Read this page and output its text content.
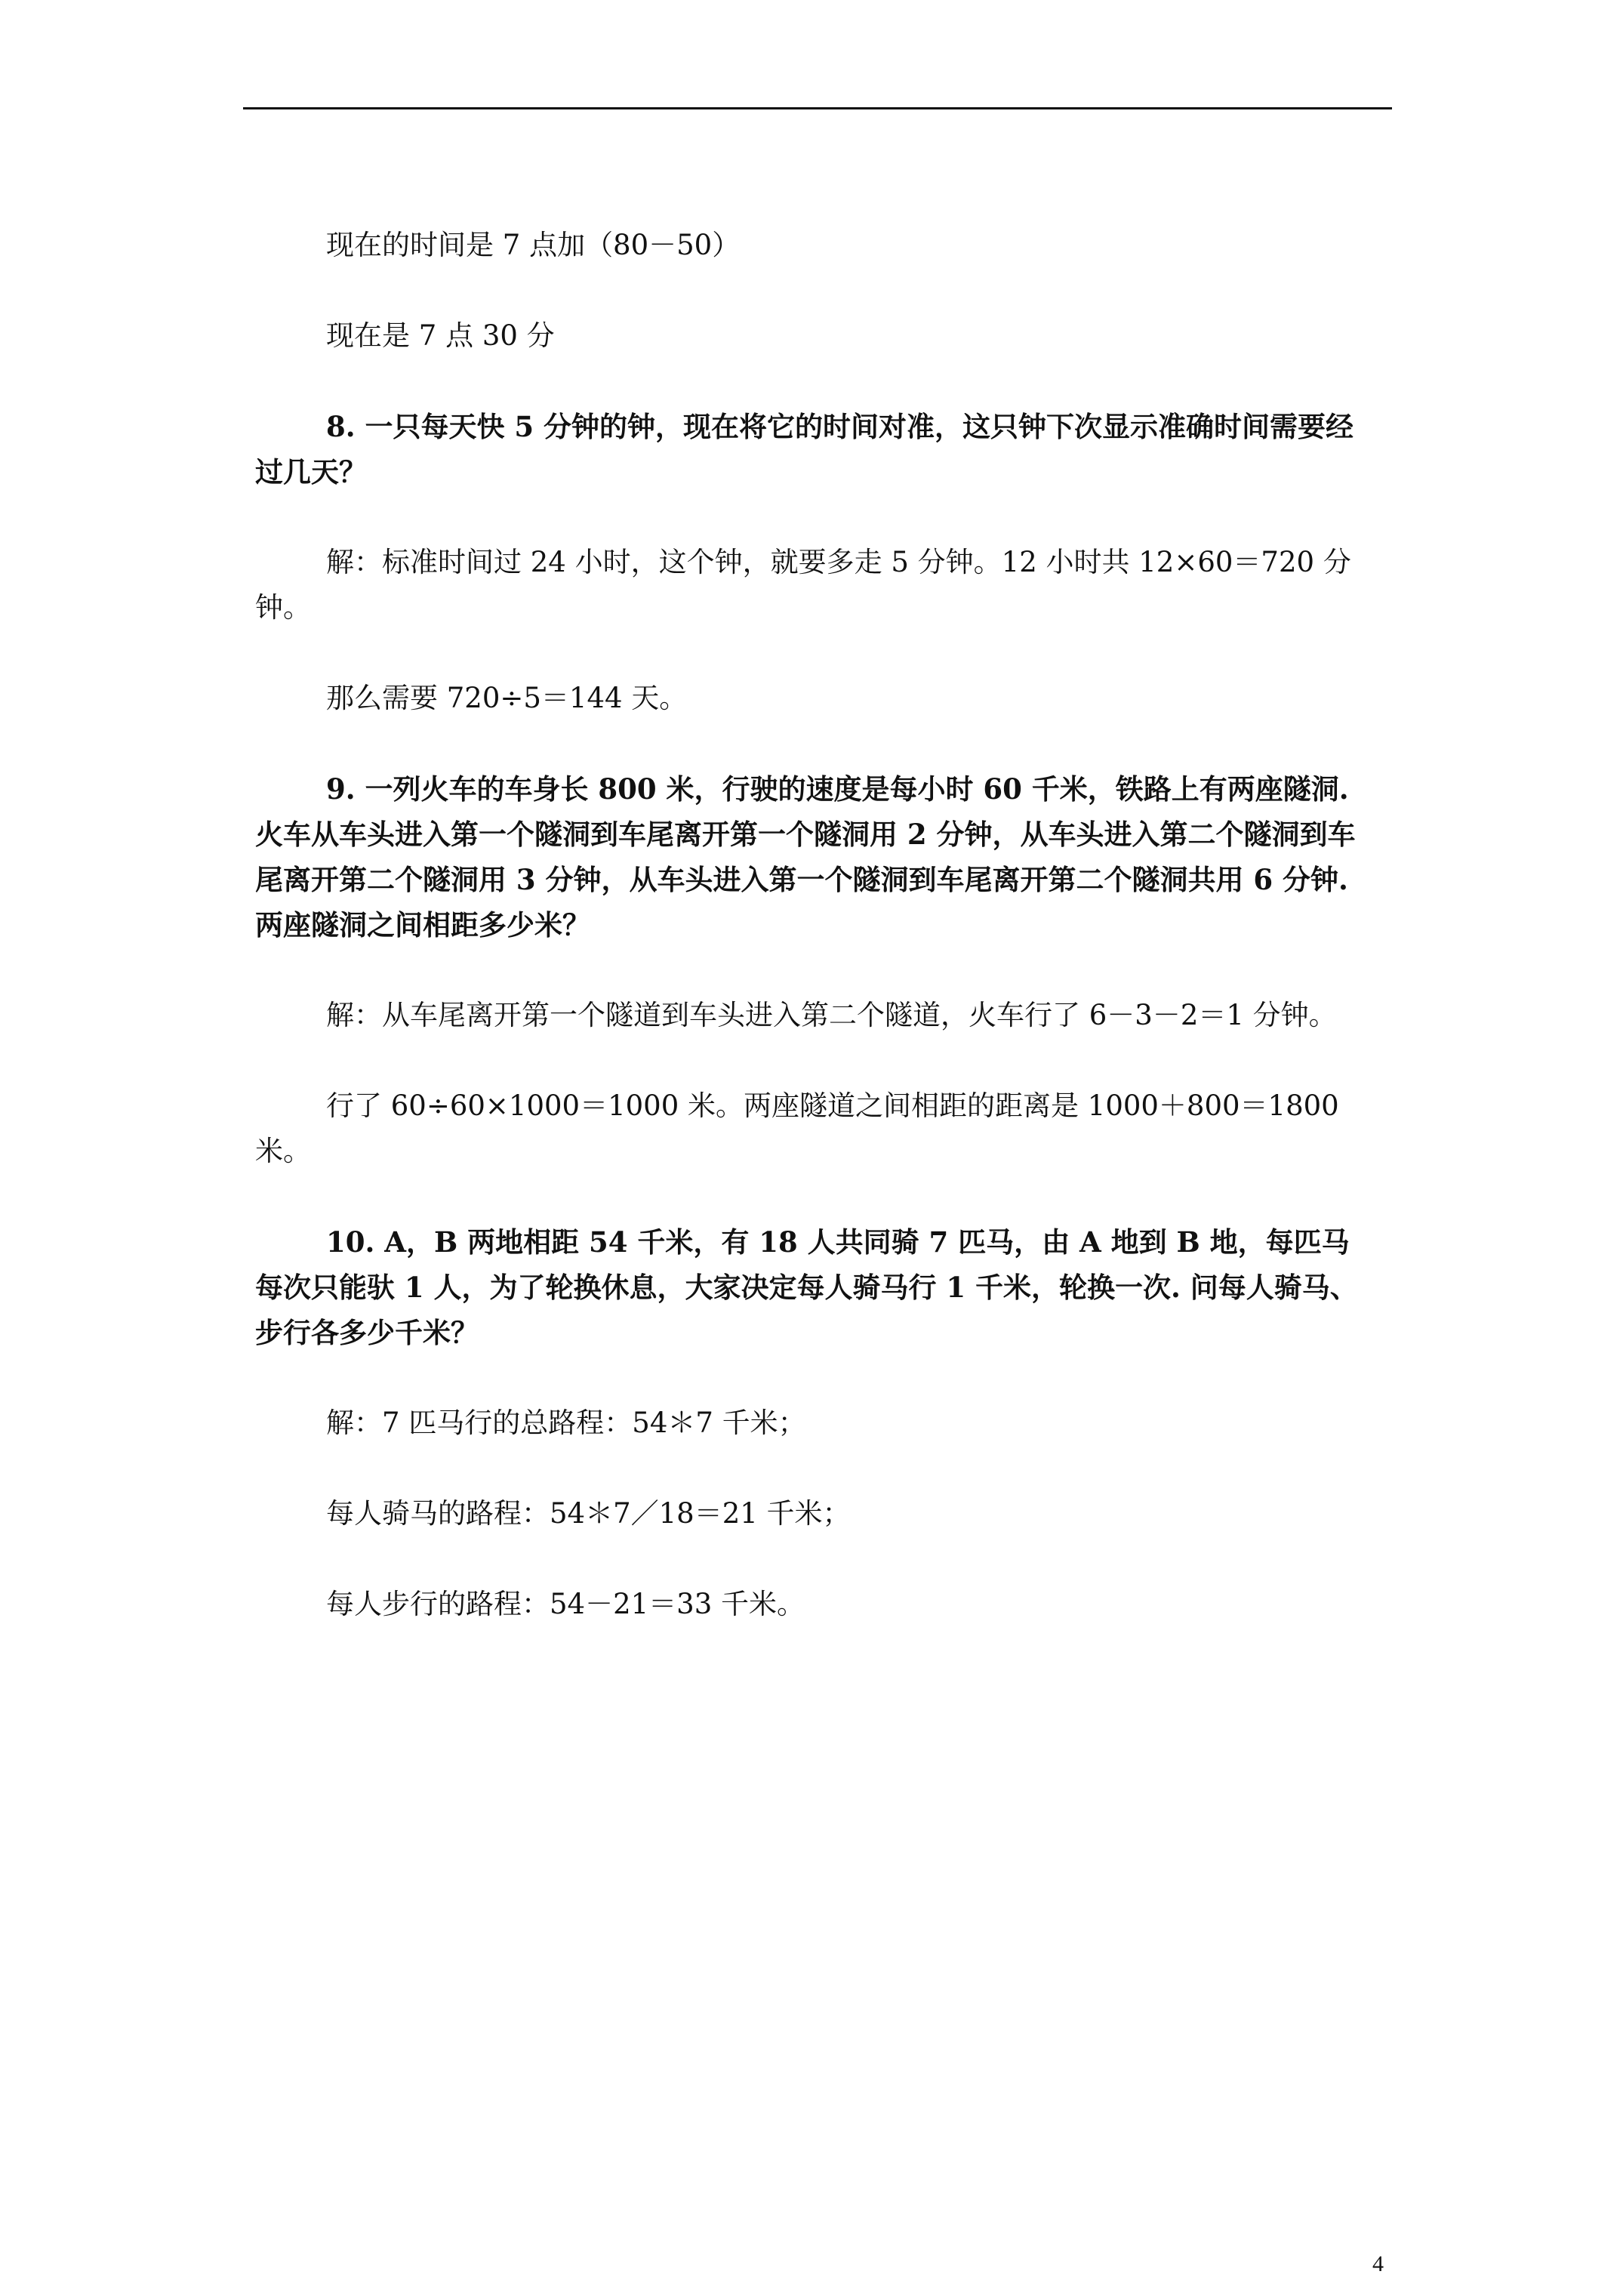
现在的时间是 7 点加（80－50）

现在是 7 点 30 分

8. 一只每天快 5 分钟的钟，现在将它的时间对准，这只钟下次显示准确时间需要经过几天？

解：标准时间过 24 小时，这个钟，就要多走 5 分钟。12 小时共 12×60＝720 分钟。

那么需要 720÷5＝144 天。

9. 一列火车的车身长 800 米，行驶的速度是每小时 60 千米，铁路上有两座隧洞. 火车从车头进入第一个隧洞到车尾离开第一个隧洞用 2 分钟，从车头进入第二个隧洞到车尾离开第二个隧洞用 3 分钟，从车头进入第一个隧洞到车尾离开第二个隧洞共用 6 分钟. 两座隧洞之间相距多少米？

解：从车尾离开第一个隧道到车头进入第二个隧道，火车行了 6－3－2＝1 分钟。

行了 60÷60×1000＝1000 米。两座隧道之间相距的距离是 1000＋800＝1800 米。

10. A，B 两地相距 54 千米，有 18 人共同骑 7 匹马，由 A 地到 B 地，每匹马每次只能驮 1 人，为了轮换休息，大家决定每人骑马行 1 千米，轮换一次. 问每人骑马、步行各多少千米？

解：7 匹马行的总路程：54＊7 千米；

每人骑马的路程：54＊7／18＝21 千米；

每人步行的路程：54－21＝33 千米。

4
